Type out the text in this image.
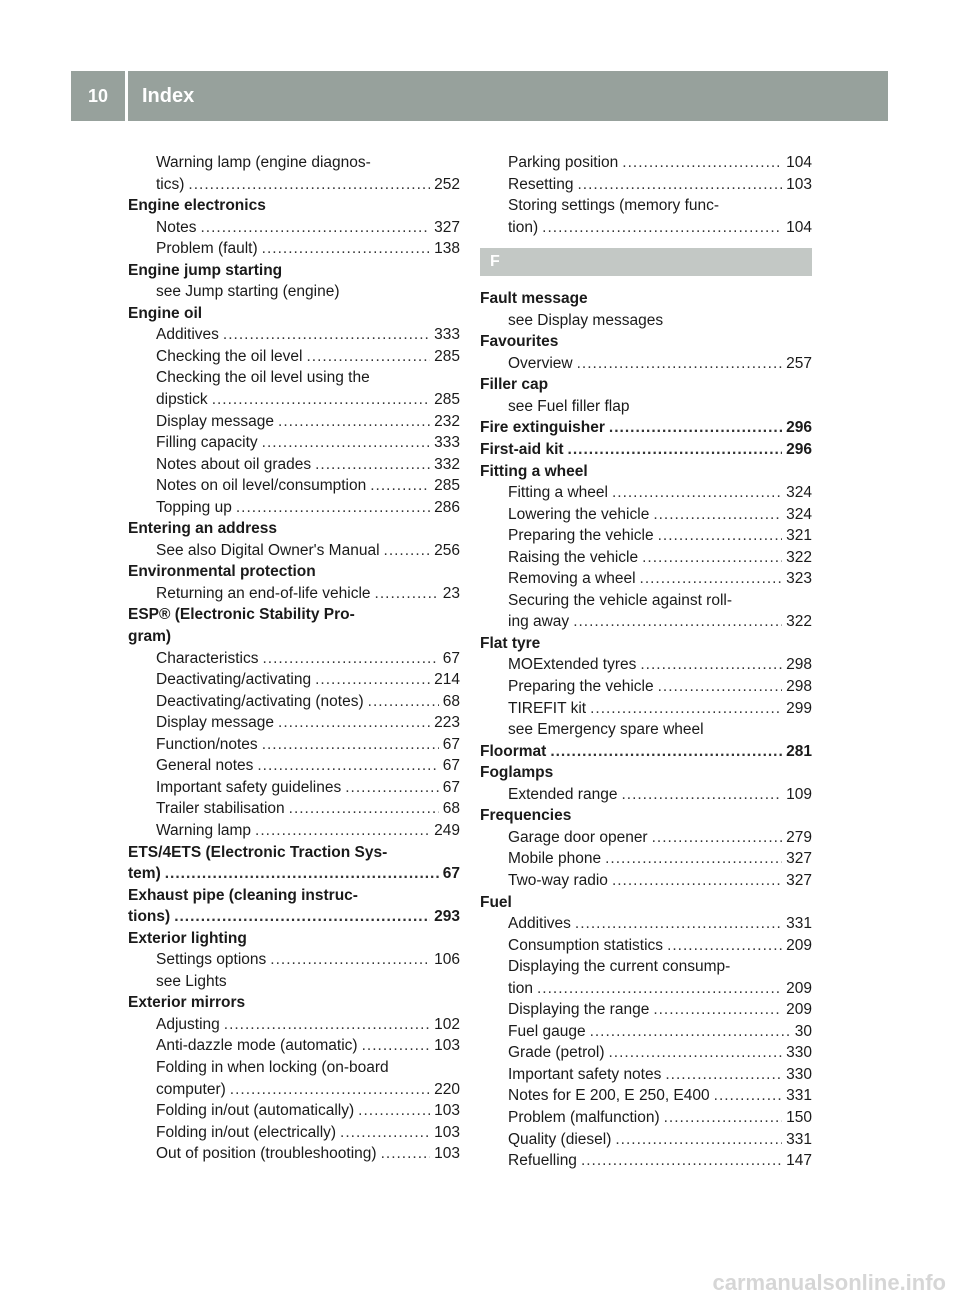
10	Index
Warning lamp (engine diagnos-
tics) .....	252
Engine electronics
Notes .....	327
Problem (fault) .....	138
Engine jump starting
see Jump starting (engine)
Engine oil
Additives .....	333
Checking the oil level .....	285
Checking the oil level using the
dipstick .....	285
Display message .....	232
Filling capacity .....	333
Notes about oil grades .....	332
Notes on oil level/consumption .....	285
Topping up .....	286
Entering an address
See also Digital Owner's Manual .....	256
Environmental protection
Returning an end-of-life vehicle .....	23
ESP® (Electronic Stability Pro-
gram)
Characteristics .....	67
Deactivating/activating .....	214
Deactivating/activating (notes) .....	68
Display message .....	223
Function/notes .....	67
General notes .....	67
Important safety guidelines .....	67
Trailer stabilisation .....	68
Warning lamp .....	249
ETS/4ETS (Electronic Traction Sys-
tem) .....	67
Exhaust pipe (cleaning instruc-
tions) .....	293
Exterior lighting
Settings options .....	106
see Lights
Exterior mirrors
Adjusting .....	102
Anti-dazzle mode (automatic) .....	103
Folding in when locking (on-board
computer) .....	220
Folding in/out (automatically) .....	103
Folding in/out (electrically) .....	103
Out of position (troubleshooting) .....	103
Parking position .....	104
Resetting .....	103
Storing settings (memory func-
tion) .....	104
F
Fault message
see Display messages
Favourites
Overview .....	257
Filler cap
see Fuel filler flap
Fire extinguisher .....	296
First-aid kit .....	296
Fitting a wheel
Fitting a wheel .....	324
Lowering the vehicle .....	324
Preparing the vehicle .....	321
Raising the vehicle .....	322
Removing a wheel .....	323
Securing the vehicle against roll-
ing away .....	322
Flat tyre
MOExtended tyres .....	298
Preparing the vehicle .....	298
TIREFIT kit .....	299
see Emergency spare wheel
Floormat .....	281
Foglamps
Extended range .....	109
Frequencies
Garage door opener .....	279
Mobile phone .....	327
Two-way radio .....	327
Fuel
Additives .....	331
Consumption statistics .....	209
Displaying the current consump-
tion .....	209
Displaying the range .....	209
Fuel gauge .....	30
Grade (petrol) .....	330
Important safety notes .....	330
Notes for E 200, E 250, E400 .....	331
Problem (malfunction) .....	150
Quality (diesel) .....	331
Refuelling .....	147
carmanualsonline.info
